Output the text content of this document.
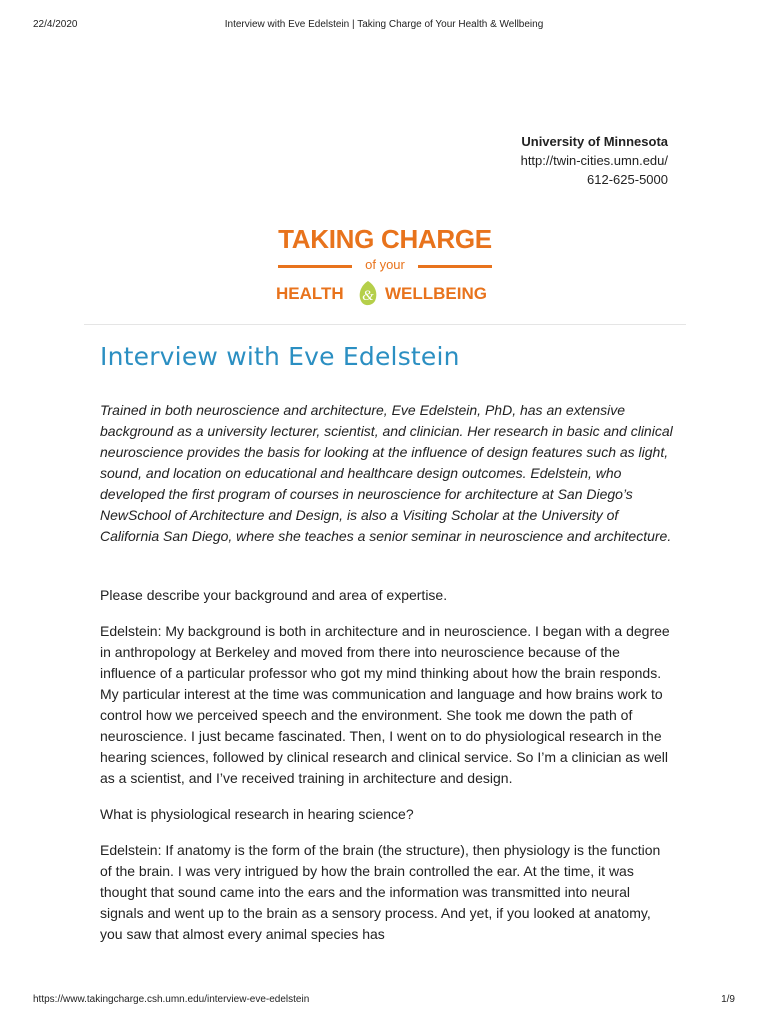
22/4/2020	Interview with Eve Edelstein | Taking Charge of Your Health & Wellbeing
University of Minnesota
http://twin-cities.umn.edu/
612-625-5000
TAKING CHARGE
of your
HEALTH & WELLBEING
Interview with Eve Edelstein

Trained in both neuroscience and architecture, Eve Edelstein, PhD, has an extensive background as a university lecturer, scientist, and clinician. Her research in basic and clinical neuroscience provides the basis for looking at the influence of design features such as light, sound, and location on educational and healthcare design outcomes. Edelstein, who developed the first program of courses in neuroscience for architecture at San Diego’s NewSchool of Architecture and Design, is also a Visiting Scholar at the University of California San Diego, where she teaches a senior seminar in neuroscience and architecture.

Please describe your background and area of expertise.

Edelstein: My background is both in architecture and in neuroscience. I began with a degree in anthropology at Berkeley and moved from there into neuroscience because of the influence of a particular professor who got my mind thinking about how the brain responds. My particular interest at the time was communication and language and how brains work to control how we perceived speech and the environment. She took me down the path of neuroscience. I just became fascinated. Then, I went on to do physiological research in the hearing sciences, followed by clinical research and clinical service. So I’m a clinician as well as a scientist, and I’ve received training in architecture and design.

What is physiological research in hearing science?

Edelstein: If anatomy is the form of the brain (the structure), then physiology is the function of the brain. I was very intrigued by how the brain controlled the ear. At the time, it was thought that sound came into the ears and the information was transmitted into neural signals and went up to the brain as a sensory process. And yet, if you looked at anatomy, you saw that almost every animal species has

https://www.takingcharge.csh.umn.edu/interview-eve-edelstein	1/9
